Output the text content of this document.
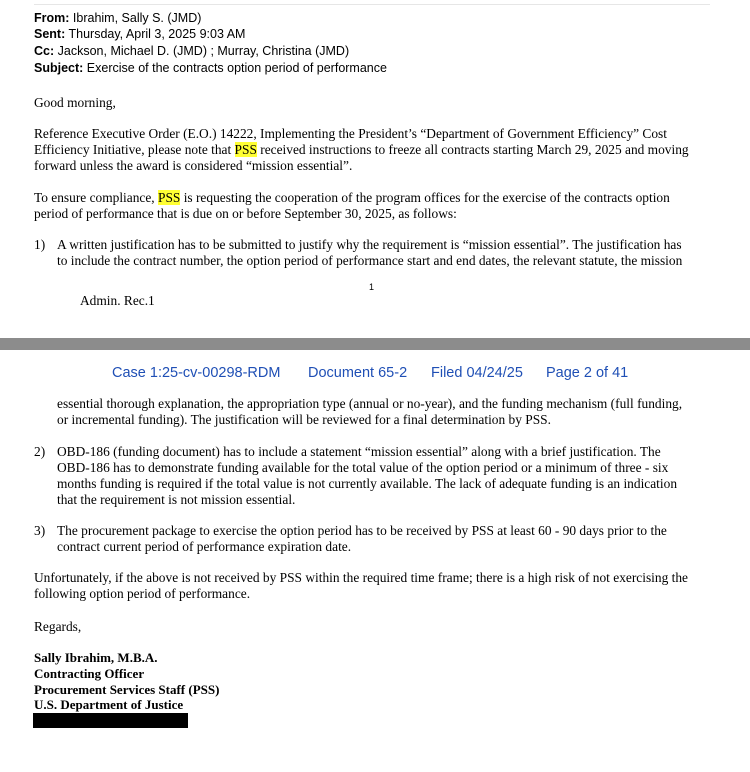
From: Ibrahim, Sally S. (JMD)
Sent: Thursday, April 3, 2025 9:03 AM
Cc: Jackson, Michael D. (JMD) ; Murray, Christina (JMD)
Subject: Exercise of the contracts option period of performance
Good morning,
Reference Executive Order (E.O.) 14222, Implementing the President’s “Department of Government Efficiency” Cost
Efficiency Initiative, please note that PSS received instructions to freeze all contracts starting March 29, 2025 and moving
forward unless the award is considered “mission essential”.
To ensure compliance, PSS is requesting the cooperation of the program offices for the exercise of the contracts option
period of performance that is due on or before September 30, 2025, as follows:
1) A written justification has to be submitted to justify why the requirement is “mission essential”. The justification has
to include the contract number, the option period of performance start and end dates, the relevant statute, the mission
1
Admin. Rec.1
Case 1:25-cv-00298-RDM Document 65-2 Filed 04/24/25 Page 2 of 41
essential thorough explanation, the appropriation type (annual or no-year), and the funding mechanism (full funding,
or incremental funding). The justification will be reviewed for a final determination by PSS.
2) OBD-186 (funding document) has to include a statement “mission essential” along with a brief justification. The
OBD-186 has to demonstrate funding available for the total value of the option period or a minimum of three - six
months funding is required if the total value is not currently available. The lack of adequate funding is an indication
that the requirement is not mission essential.
3) The procurement package to exercise the option period has to be received by PSS at least 60 - 90 days prior to the
contract current period of performance expiration date.
Unfortunately, if the above is not received by PSS within the required time frame; there is a high risk of not exercising the
following option period of performance.
Regards,
Sally Ibrahim, M.B.A.
Contracting Officer
Procurement Services Staff (PSS)
U.S. Department of Justice
